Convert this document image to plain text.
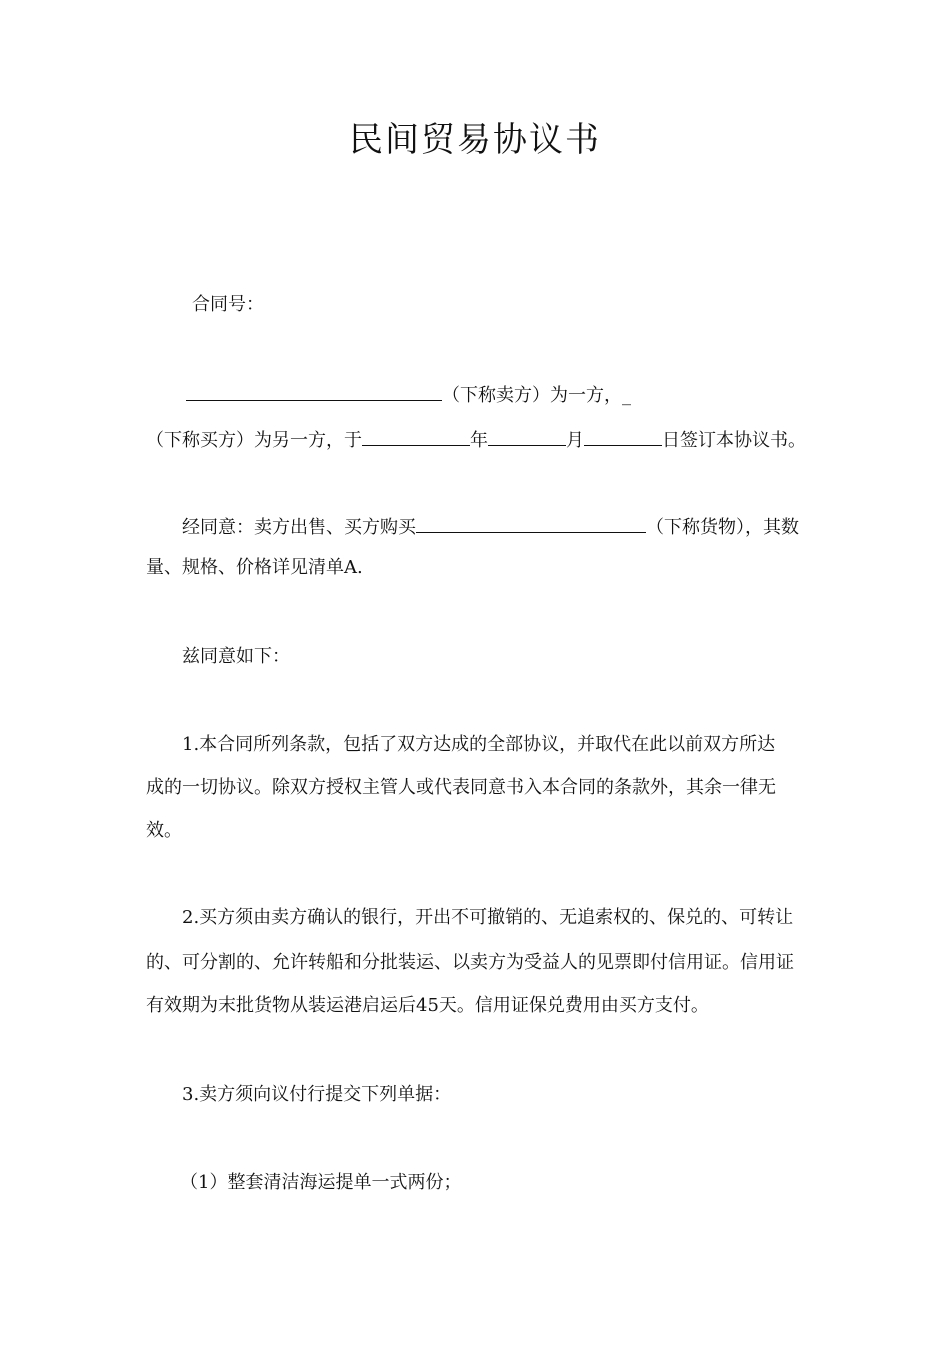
民间贸易协议书
合同号：
（下称卖方）为一方，_
（下称买方）为另一方，于	年	月	日签订本协议书。
经同意：卖方出售、买方购买	（下称货物），其数
量、规格、价格详见清单A.
兹同意如下：
1.本合同所列条款，包括了双方达成的全部协议，并取代在此以前双方所达
成的一切协议。除双方授权主管人或代表同意书入本合同的条款外，其余一律无
效。
2.买方须由卖方确认的银行，开出不可撤销的、无追索权的、保兑的、可转让
的、可分割的、允许转船和分批装运、以卖方为受益人的见票即付信用证。信用证
有效期为末批货物从装运港启运后45天。信用证保兑费用由买方支付。
3.卖方须向议付行提交下列单据：
（1）整套清洁海运提单一式两份；
